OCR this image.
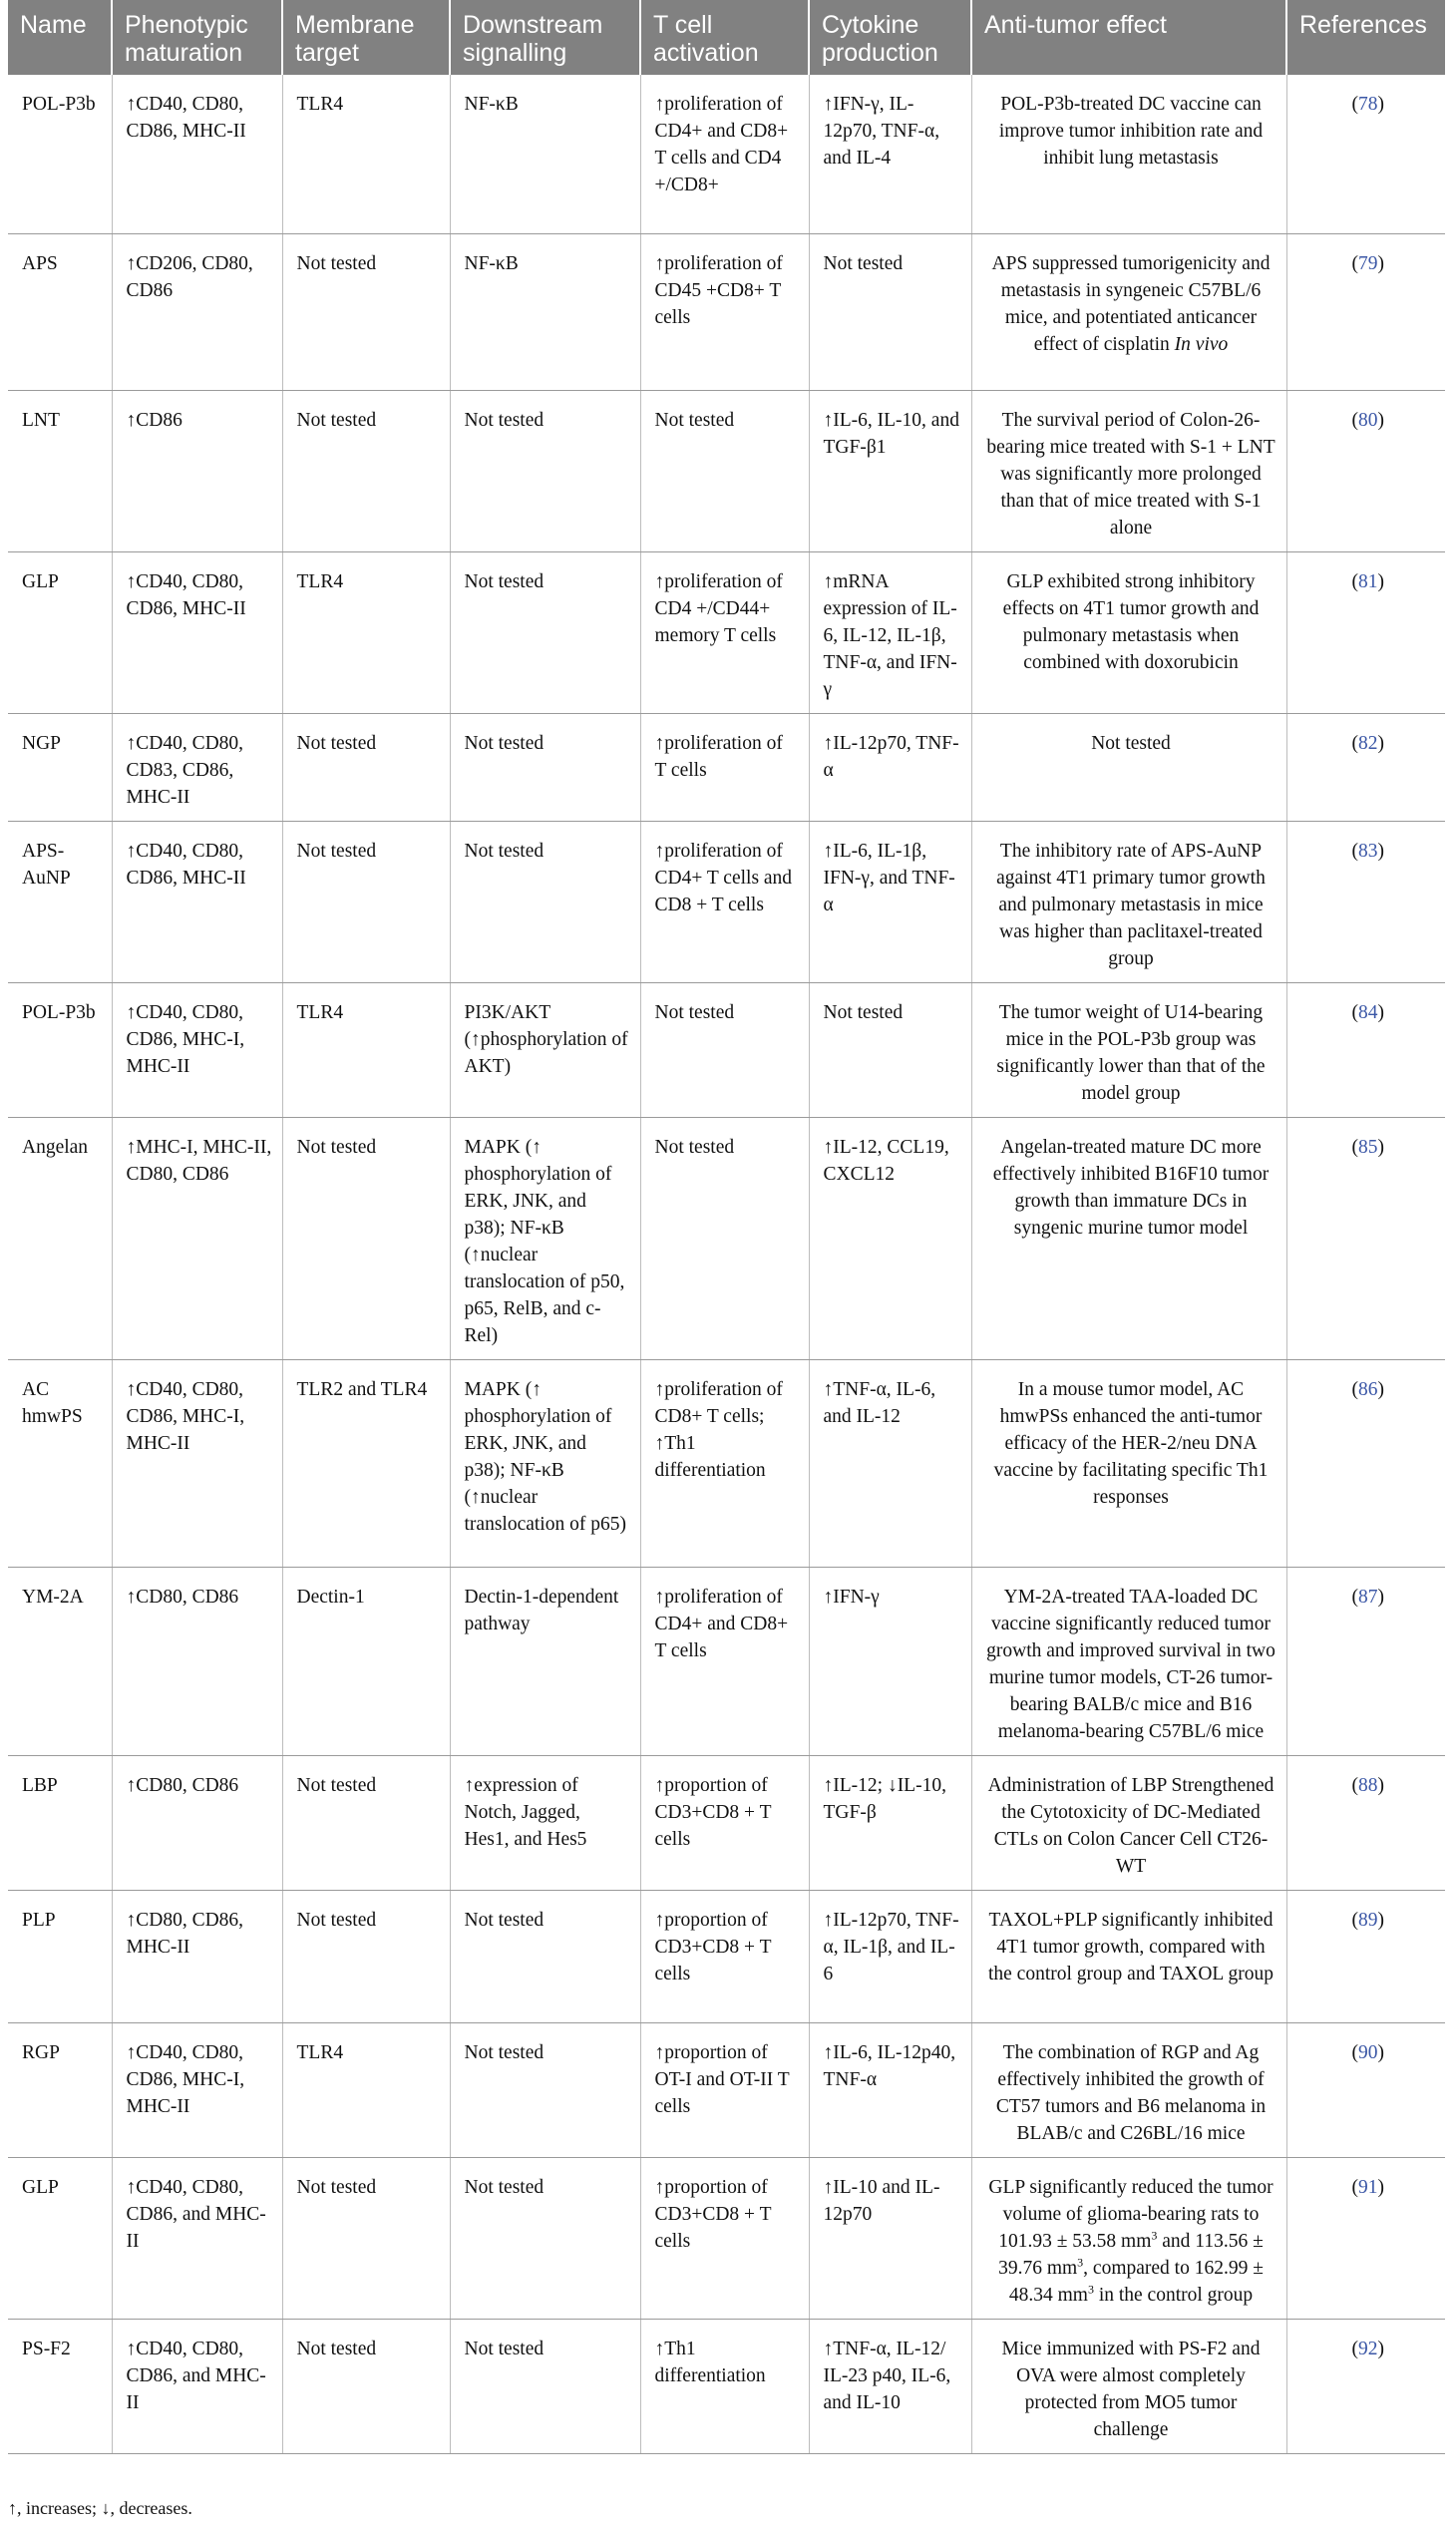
Name	Phenotypic maturation	Membrane target	Downstream signalling	T cell activation	Cytokine production	Anti-tumor effect	References
POL-P3b	↑CD40, CD80, CD86, MHC-II	TLR4	NF-κB	↑proliferation of CD4+ and CD8+ T cells and CD4 +/CD8+	↑IFN-γ, IL-12p70, TNF-α, and IL-4	POL-P3b-treated DC vaccine can improve tumor inhibition rate and inhibit lung metastasis	(78)
APS	↑CD206, CD80, CD86	Not tested	NF-κB	↑proliferation of CD45 +CD8+ T cells	Not tested	APS suppressed tumorigenicity and metastasis in syngeneic C57BL/6 mice, and potentiated anticancer effect of cisplatin In vivo	(79)
LNT	↑CD86	Not tested	Not tested	Not tested	↑IL-6, IL-10, and TGF-β1	The survival period of Colon-26-bearing mice treated with S-1 + LNT was significantly more prolonged than that of mice treated with S-1 alone	(80)
GLP	↑CD40, CD80, CD86, MHC-II	TLR4	Not tested	↑proliferation of CD4 +/CD44+ memory T cells	↑mRNA expression of IL-6, IL-12, IL-1β, TNF-α, and IFN-γ	GLP exhibited strong inhibitory effects on 4T1 tumor growth and pulmonary metastasis when combined with doxorubicin	(81)
NGP	↑CD40, CD80, CD83, CD86, MHC-II	Not tested	Not tested	↑proliferation of T cells	↑IL-12p70, TNF-α	Not tested	(82)
APS-AuNP	↑CD40, CD80, CD86, MHC-II	Not tested	Not tested	↑proliferation of CD4+ T cells and CD8 + T cells	↑IL-6, IL-1β, IFN-γ, and TNF-α	The inhibitory rate of APS-AuNP against 4T1 primary tumor growth and pulmonary metastasis in mice was higher than paclitaxel-treated group	(83)
POL-P3b	↑CD40, CD80, CD86, MHC-I, MHC-II	TLR4	PI3K/AKT (↑phosphorylation of AKT)	Not tested	Not tested	The tumor weight of U14-bearing mice in the POL-P3b group was significantly lower than that of the model group	(84)
Angelan	↑MHC-I, MHC-II, CD80, CD86	Not tested	MAPK (↑ phosphorylation of ERK, JNK, and p38); NF-κB (↑nuclear translocation of p50, p65, RelB, and c-Rel)	Not tested	↑IL-12, CCL19, CXCL12	Angelan-treated mature DC more effectively inhibited B16F10 tumor growth than immature DCs in syngenic murine tumor model	(85)
AC hmwPS	↑CD40, CD80, CD86, MHC-I, MHC-II	TLR2 and TLR4	MAPK (↑ phosphorylation of ERK, JNK, and p38); NF-κB (↑nuclear translocation of p65)	↑proliferation of CD8+ T cells; ↑Th1 differentiation	↑TNF-α, IL-6, and IL-12	In a mouse tumor model, AC hmwPSs enhanced the anti-tumor efficacy of the HER-2/neu DNA vaccine by facilitating specific Th1 responses	(86)
YM-2A	↑CD80, CD86	Dectin-1	Dectin-1-dependent pathway	↑proliferation of CD4+ and CD8+ T cells	↑IFN-γ	YM-2A-treated TAA-loaded DC vaccine significantly reduced tumor growth and improved survival in two murine tumor models, CT-26 tumor-bearing BALB/c mice and B16 melanoma-bearing C57BL/6 mice	(87)
LBP	↑CD80, CD86	Not tested	↑expression of Notch, Jagged, Hes1, and Hes5	↑proportion of CD3+CD8 + T cells	↑IL-12; ↓IL-10, TGF-β	Administration of LBP Strengthened the Cytotoxicity of DC-Mediated CTLs on Colon Cancer Cell CT26-WT	(88)
PLP	↑CD80, CD86, MHC-II	Not tested	Not tested	↑proportion of CD3+CD8 + T cells	↑IL-12p70, TNF-α, IL-1β, and IL-6	TAXOL+PLP significantly inhibited 4T1 tumor growth, compared with the control group and TAXOL group	(89)
RGP	↑CD40, CD80, CD86, MHC-I, MHC-II	TLR4	Not tested	↑proportion of OT-I and OT-II T cells	↑IL-6, IL-12p40, TNF-α	The combination of RGP and Ag effectively inhibited the growth of CT57 tumors and B6 melanoma in BLAB/c and C26BL/16 mice	(90)
GLP	↑CD40, CD80, CD86, and MHC-II	Not tested	Not tested	↑proportion of CD3+CD8 + T cells	↑IL-10 and IL-12p70	GLP significantly reduced the tumor volume of glioma-bearing rats to 101.93 ± 53.58 $mm^3$ and 113.56 ± 39.76 $mm^3$, compared to 162.99 ± 48.34 $mm^3$ in the control group	(91)
PS-F2	↑CD40, CD80, CD86, and MHC-II	Not tested	Not tested	↑Th1 differentiation	↑TNF-α, IL-12/ IL-23 p40, IL-6, and IL-10	Mice immunized with PS-F2 and OVA were almost completely protected from MO5 tumor challenge	(92)
↑, increases; ↓, decreases.
